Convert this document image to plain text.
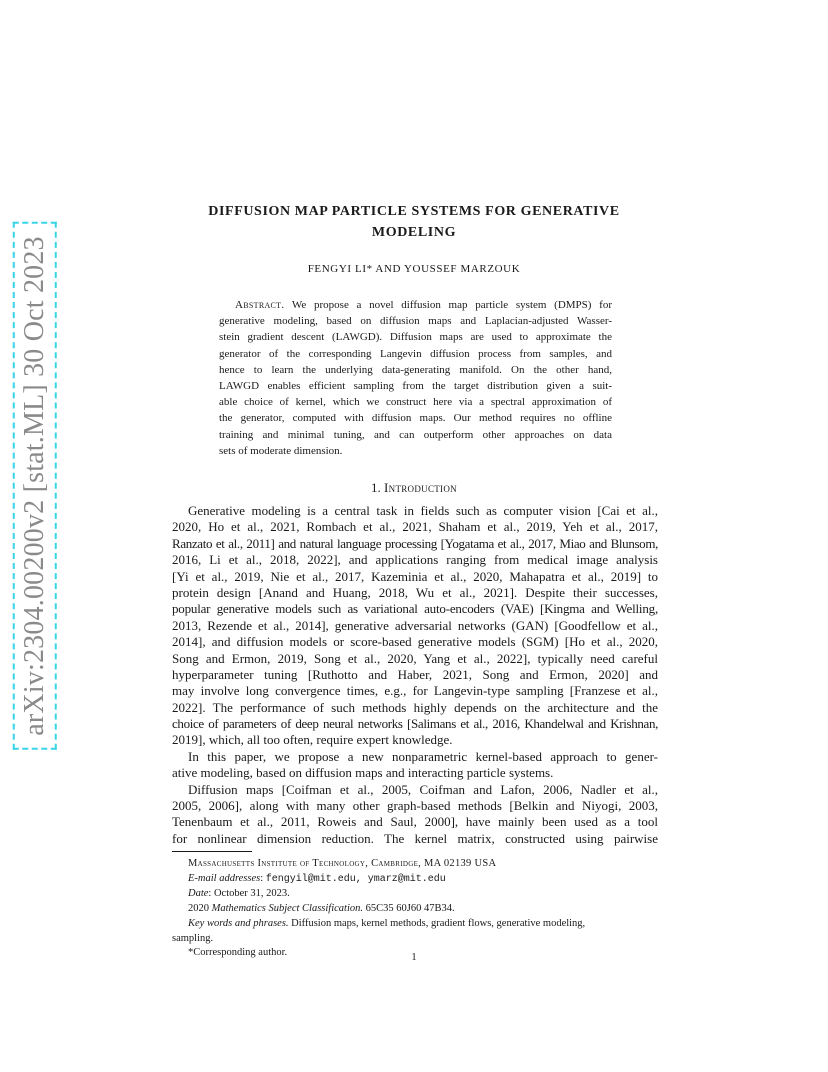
arXiv:2304.00200v2 [stat.ML] 30 Oct 2023
DIFFUSION MAP PARTICLE SYSTEMS FOR GENERATIVE
MODELING
FENGYI LI* AND YOUSSEF MARZOUK
Abstract. We propose a novel diffusion map particle system (DMPS) for
generative modeling, based on diffusion maps and Laplacian-adjusted Wasser-
stein gradient descent (LAWGD). Diffusion maps are used to approximate the
generator of the corresponding Langevin diffusion process from samples, and
hence to learn the underlying data-generating manifold. On the other hand,
LAWGD enables efficient sampling from the target distribution given a suit-
able choice of kernel, which we construct here via a spectral approximation of
the generator, computed with diffusion maps. Our method requires no offline
training and minimal tuning, and can outperform other approaches on data
sets of moderate dimension.
1. Introduction
Generative modeling is a central task in fields such as computer vision [Cai et al.,
2020, Ho et al., 2021, Rombach et al., 2021, Shaham et al., 2019, Yeh et al., 2017,
Ranzato et al., 2011] and natural language processing [Yogatama et al., 2017, Miao and Blunsom,
2016, Li et al., 2018, 2022], and applications ranging from medical image analysis
[Yi et al., 2019, Nie et al., 2017, Kazeminia et al., 2020, Mahapatra et al., 2019] to
protein design [Anand and Huang, 2018, Wu et al., 2021]. Despite their successes,
popular generative models such as variational auto-encoders (VAE) [Kingma and Welling,
2013, Rezende et al., 2014], generative adversarial networks (GAN) [Goodfellow et al.,
2014], and diffusion models or score-based generative models (SGM) [Ho et al., 2020,
Song and Ermon, 2019, Song et al., 2020, Yang et al., 2022], typically need careful
hyperparameter tuning [Ruthotto and Haber, 2021, Song and Ermon, 2020] and
may involve long convergence times, e.g., for Langevin-type sampling [Franzese et al.,
2022]. The performance of such methods highly depends on the architecture and the
choice of parameters of deep neural networks [Salimans et al., 2016, Khandelwal and Krishnan,
2019], which, all too often, require expert knowledge.
In this paper, we propose a new nonparametric kernel-based approach to gener-
ative modeling, based on diffusion maps and interacting particle systems.
Diffusion maps [Coifman et al., 2005, Coifman and Lafon, 2006, Nadler et al.,
2005, 2006], along with many other graph-based methods [Belkin and Niyogi, 2003,
Tenenbaum et al., 2011, Roweis and Saul, 2000], have mainly been used as a tool
for nonlinear dimension reduction. The kernel matrix, constructed using pairwise
Massachusetts Institute of Technology, Cambridge, MA 02139 USA
E-mail addresses: fengyil@mit.edu, ymarz@mit.edu
Date: October 31, 2023.
2020 Mathematics Subject Classification. 65C35 60J60 47B34.
Key words and phrases. Diffusion maps, kernel methods, gradient flows, generative modeling,
sampling.
*Corresponding author.	1
